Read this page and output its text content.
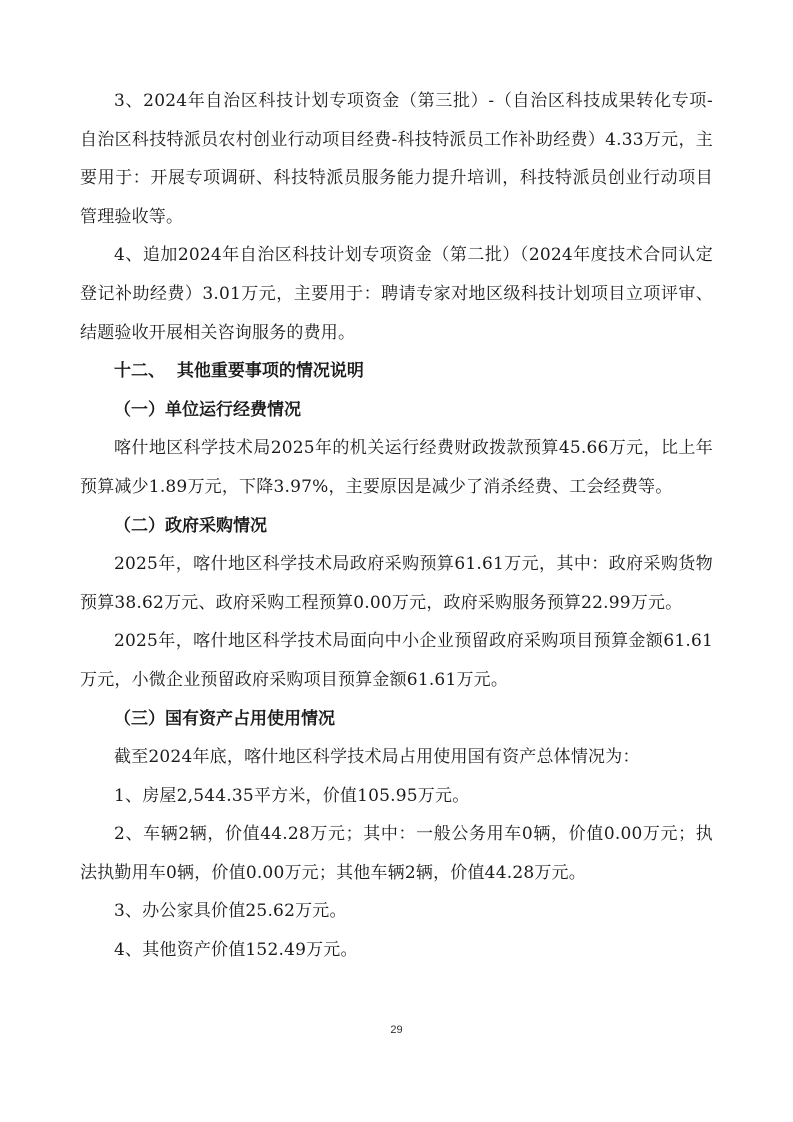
3、2024年自治区科技计划专项资金（第三批）-（自治区科技成果转化专项-自治区科技特派员农村创业行动项目经费-科技特派员工作补助经费）4.33万元，主要用于：开展专项调研、科技特派员服务能力提升培训，科技特派员创业行动项目管理验收等。

4、追加2024年自治区科技计划专项资金（第二批）（2024年度技术合同认定登记补助经费）3.01万元，主要用于：聘请专家对地区级科技计划项目立项评审、结题验收开展相关咨询服务的费用。

十二、  其他重要事项的情况说明

（一）单位运行经费情况

喀什地区科学技术局2025年的机关运行经费财政拨款预算45.66万元，比上年预算减少1.89万元，下降3.97%，主要原因是减少了消杀经费、工会经费等。

（二）政府采购情况

2025年，喀什地区科学技术局政府采购预算61.61万元，其中：政府采购货物预算38.62万元、政府采购工程预算0.00万元，政府采购服务预算22.99万元。

2025年，喀什地区科学技术局面向中小企业预留政府采购项目预算金额61.61万元，小微企业预留政府采购项目预算金额61.61万元。

（三）国有资产占用使用情况

截至2024年底，喀什地区科学技术局占用使用国有资产总体情况为：

1、房屋2,544.35平方米，价值105.95万元。

2、车辆2辆，价值44.28万元；其中：一般公务用车0辆，价值0.00万元；执法执勤用车0辆，价值0.00万元；其他车辆2辆，价值44.28万元。

3、办公家具价值25.62万元。

4、其他资产价值152.49万元。

29
